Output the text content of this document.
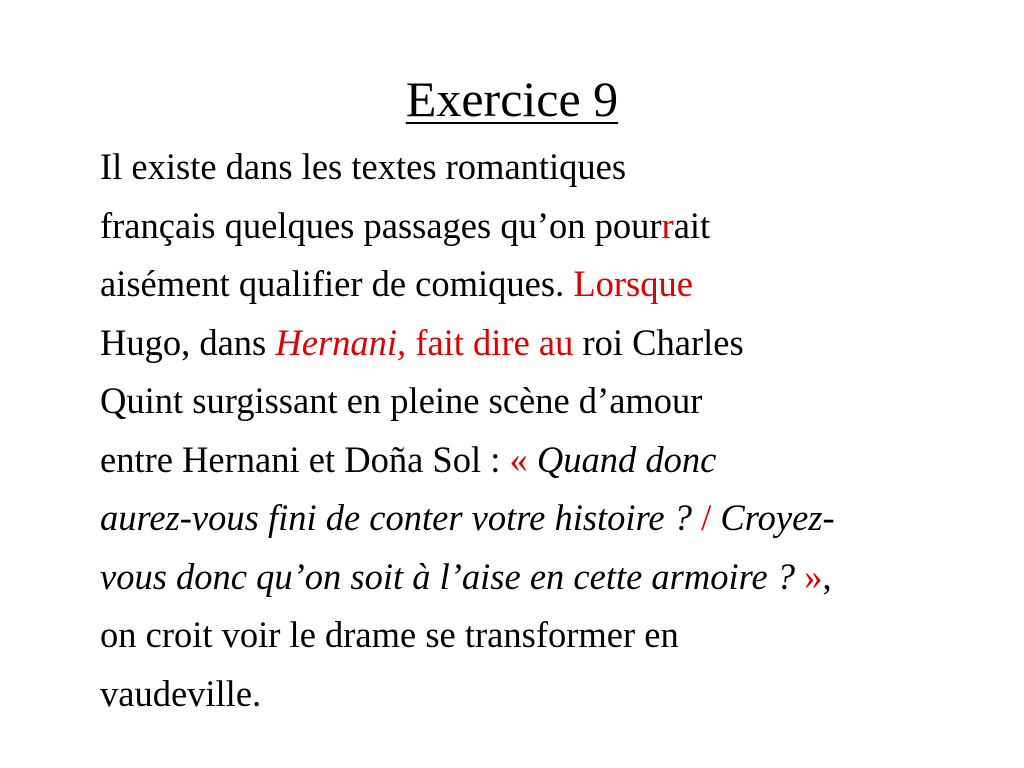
Exercice 9
Il existe dans les textes romantiques
français quelques passages qu’on pourrait
aisément qualifier de comiques. Lorsque
Hugo, dans Hernani, fait dire au roi Charles
Quint surgissant en pleine scène d’amour
entre Hernani et Doña Sol : « Quand donc
aurez-vous fini de conter votre histoire ? / Croyez-
vous donc qu’on soit à l’aise en cette armoire ? »,
on croit voir le drame se transformer en
vaudeville.
